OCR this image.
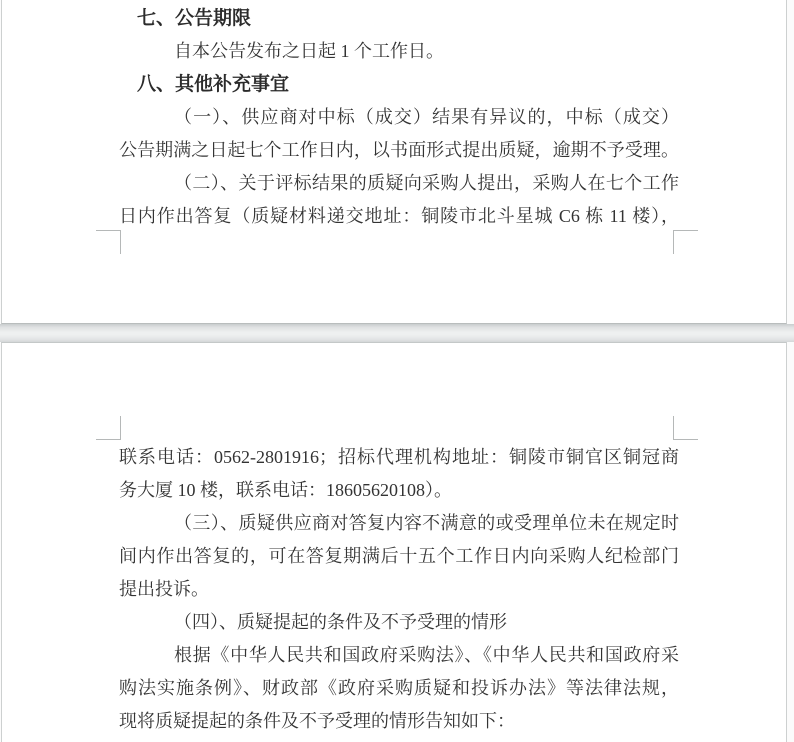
七、公告期限
自本公告发布之日起 1 个工作日。
八、其他补充事宜
（一）、供应商对中标（成交）结果有异议的，中标（成交）
公告期满之日起七个工作日内，以书面形式提出质疑，逾期不予受理。
（二）、关于评标结果的质疑向采购人提出，采购人在七个工作
日内作出答复（质疑材料递交地址：铜陵市北斗星城 C6 栋 11 楼），
联系电话：0562-2801916；招标代理机构地址：铜陵市铜官区铜冠商
务大厦 10 楼，联系电话：18605620108）。
（三）、质疑供应商对答复内容不满意的或受理单位未在规定时
间内作出答复的，可在答复期满后十五个工作日内向采购人纪检部门
提出投诉。
（四）、质疑提起的条件及不予受理的情形
根据《中华人民共和国政府采购法》、《中华人民共和国政府采
购法实施条例》、财政部《政府采购质疑和投诉办法》等法律法规，
现将质疑提起的条件及不予受理的情形告知如下：
